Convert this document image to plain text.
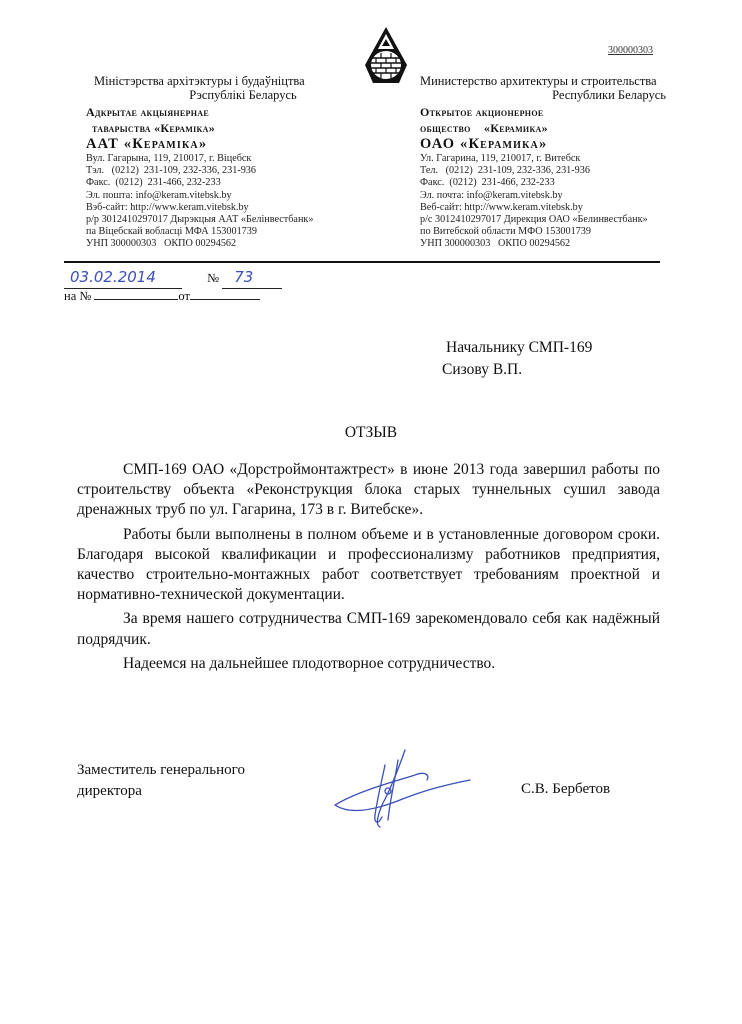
300000303
Міністэрства архітэктуры і будаўніцтва
Рэспублікі Беларусь
Адкрытае акцыянернае
таварыства «Кераміка»
ААТ «Кераміка»
Вул. Гагарына, 119, 210017, г. Віцебск
Тэл.   (0212)  231-109, 232-336, 231-936
Факс.  (0212)  231-466, 232-233
Эл. пошта: info@keram.vitebsk.by
Вэб-сайт: http://www.keram.vitebsk.by
р/р 3012410297017 Дырэкцыя ААТ «Белінвестбанк»
па Віцебскай вобласці МФА 153001739
УНП 300000303   ОКПО 00294562
Министерство архитектуры и строительства
Республики Беларусь
Открытое акционерное
общество    «Керамика»
ОАО «Керамика»
Ул. Гагарина, 119, 210017, г. Витебск
Тел.   (0212)  231-109, 232-336, 231-936
Факс.  (0212)  231-466, 232-233
Эл. почта: info@keram.vitebsk.by
Веб-сайт: http://www.keram.vitebsk.by
р/с 3012410297017 Дирекция ОАО «Белинвестбанк»
по Витебской области МФО 153001739
УНП 300000303   ОКПО 00294562
03.02.2014	№ 73
на №	от
Начальнику СМП-169
Сизову В.П.
ОТЗЫВ

СМП-169 ОАО «Дорстроймонтажтрест» в июне 2013 года завершил работы по строительству объекта «Реконструкция блока старых туннельных сушил завода дренажных труб по ул. Гагарина, 173 в г. Витебске».

Работы были выполнены в полном объеме и в установленные договором сроки. Благодаря высокой квалификации и профессионализму работников предприятия, качество строительно-монтажных работ соответствует требованиям проектной и нормативно-технической документации.

За время нашего сотрудничества СМП-169 зарекомендовало себя как надёжный подрядчик.

Надеемся на дальнейшее плодотворное сотрудничество.

Заместитель генерального
директора	С.В. Бербетов
